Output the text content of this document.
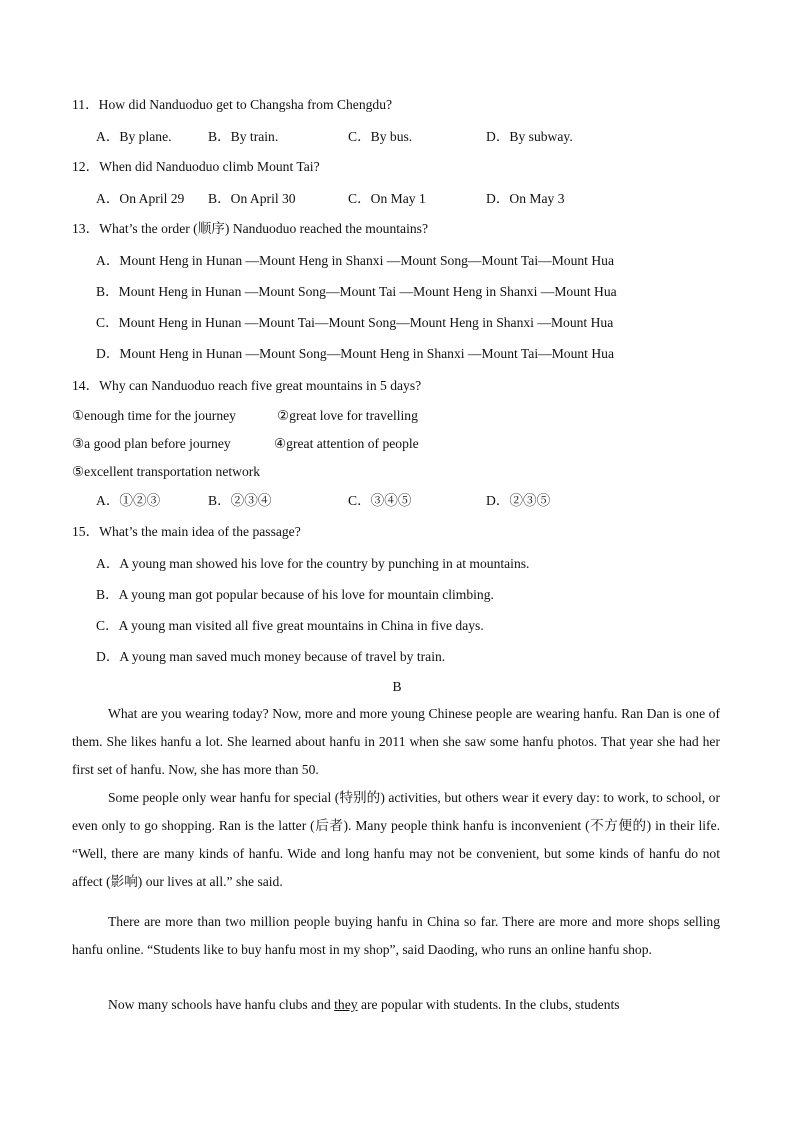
11．How did Nanduoduo get to Changsha from Chengdu?
A．By plane.	B．By train.	C．By bus.	D．By subway.
12．When did Nanduoduo climb Mount Tai?
A．On April 29 B．On April 30	C．On May 1	D．On May 3
13．What’s the order (顺序) Nanduoduo reached the mountains?
A．Mount Heng in Hunan —Mount Heng in Shanxi —Mount Song—Mount Tai—Mount Hua
B．Mount Heng in Hunan —Mount Song—Mount Tai —Mount Heng in Shanxi —Mount Hua
C．Mount Heng in Hunan —Mount Tai—Mount Song—Mount Heng in Shanxi —Mount Hua
D．Mount Heng in Hunan —Mount Song—Mount Heng in Shanxi —Mount Tai—Mount Hua
14．Why can Nanduoduo reach five great mountains in 5 days?
①enough time for the journey	②great love for travelling
③a good plan before journey	④great attention of people
⑤excellent transportation network
A．①②③	B．②③④	C．③④⑤	D．②③⑤
15．What’s the main idea of the passage?
A．A young man showed his love for the country by punching in at mountains.
B．A young man got popular because of his love for mountain climbing.
C．A young man visited all five great mountains in China in five days.
D．A young man saved much money because of travel by train.
B
What are you wearing today? Now, more and more young Chinese people are wearing hanfu. Ran Dan is one of them. She likes hanfu a lot. She learned about hanfu in 2011 when she saw some hanfu photos. That year she had her first set of hanfu. Now, she has more than 50.
Some people only wear hanfu for special (特别的) activities, but others wear it every day: to work, to school, or even only to go shopping. Ran is the latter (后者). Many people think hanfu is inconvenient (不方便的) in their life. “Well, there are many kinds of hanfu. Wide and long hanfu may not be convenient, but some kinds of hanfu do not affect (影响) our lives at all.” she said.
There are more than two million people buying hanfu in China so far. There are more and more shops selling hanfu online. “Students like to buy hanfu most in my shop”, said Daoding, who runs an online hanfu shop.
Now many schools have hanfu clubs and they are popular with students. In the clubs, students
